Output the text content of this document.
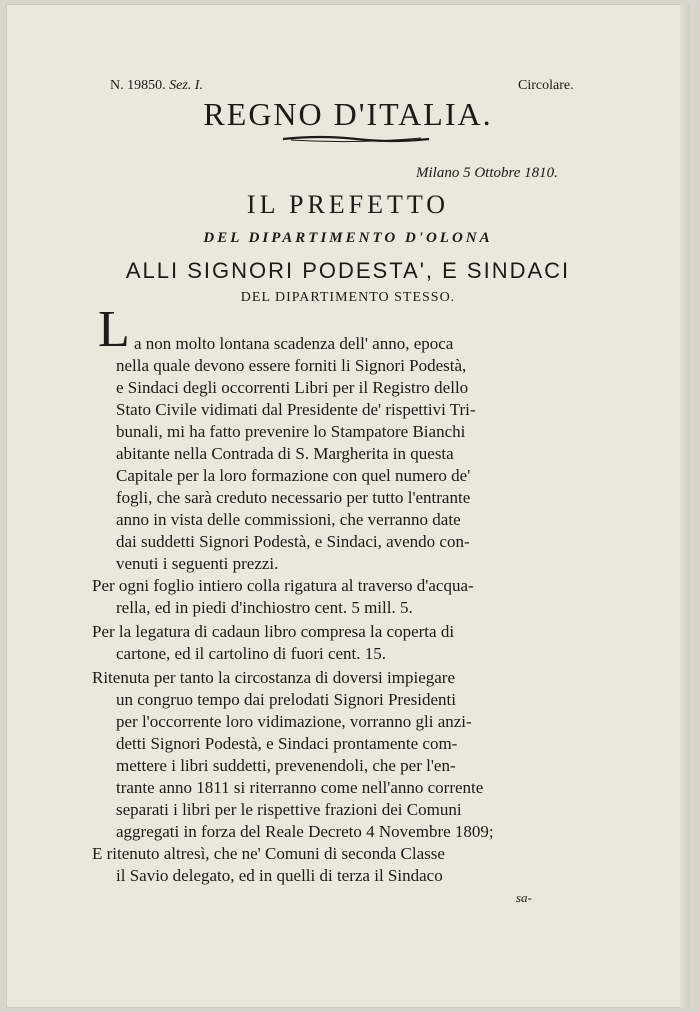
N. 19850. Sez. I.	Circolare.
REGNO D'ITALIA.
Milano 5 Ottobre 1810.
IL PREFETTO
DEL DIPARTIMENTO D'OLONA
ALLI SIGNORI PODESTA', E SINDACI
DEL DIPARTIMENTO STESSO.
L a non molto lontana scadenza dell' anno, epoca
nella quale devono essere forniti li Signori Podestà,
e Sindaci degli occorrenti Libri per il Registro dello
Stato Civile vidimati dal Presidente de' rispettivi Tri-
bunali, mi ha fatto prevenire lo Stampatore Bianchi
abitante nella Contrada di S. Margherita in questa
Capitale per la loro formazione con quel numero de'
fogli, che sarà creduto necessario per tutto l'entrante
anno in vista delle commissioni, che verranno date
dai suddetti Signori Podestà, e Sindaci, avendo con-
venuti i seguenti prezzi.
Per ogni foglio intiero colla rigatura al traverso d'acqua-
rella, ed in piedi d'inchiostro cent. 5 mill. 5.
Per la legatura di cadaun libro compresa la coperta di
cartone, ed il cartolino di fuori cent. 15.
Ritenuta per tanto la circostanza di doversi impiegare
un congruo tempo dai prelodati Signori Presidenti
per l'occorrente loro vidimazione, vorranno gli anzi-
detti Signori Podestà, e Sindaci prontamente com-
mettere i libri suddetti, prevenendoli, che per l'en-
trante anno 1811 si riterranno come nell'anno corrente
separati i libri per le rispettive frazioni dei Comuni
aggregati in forza del Reale Decreto 4 Novembre 1809;
E ritenuto altresì, che ne' Comuni di seconda Classe
il Savio delegato, ed in quelli di terza il Sindaco
sa-
